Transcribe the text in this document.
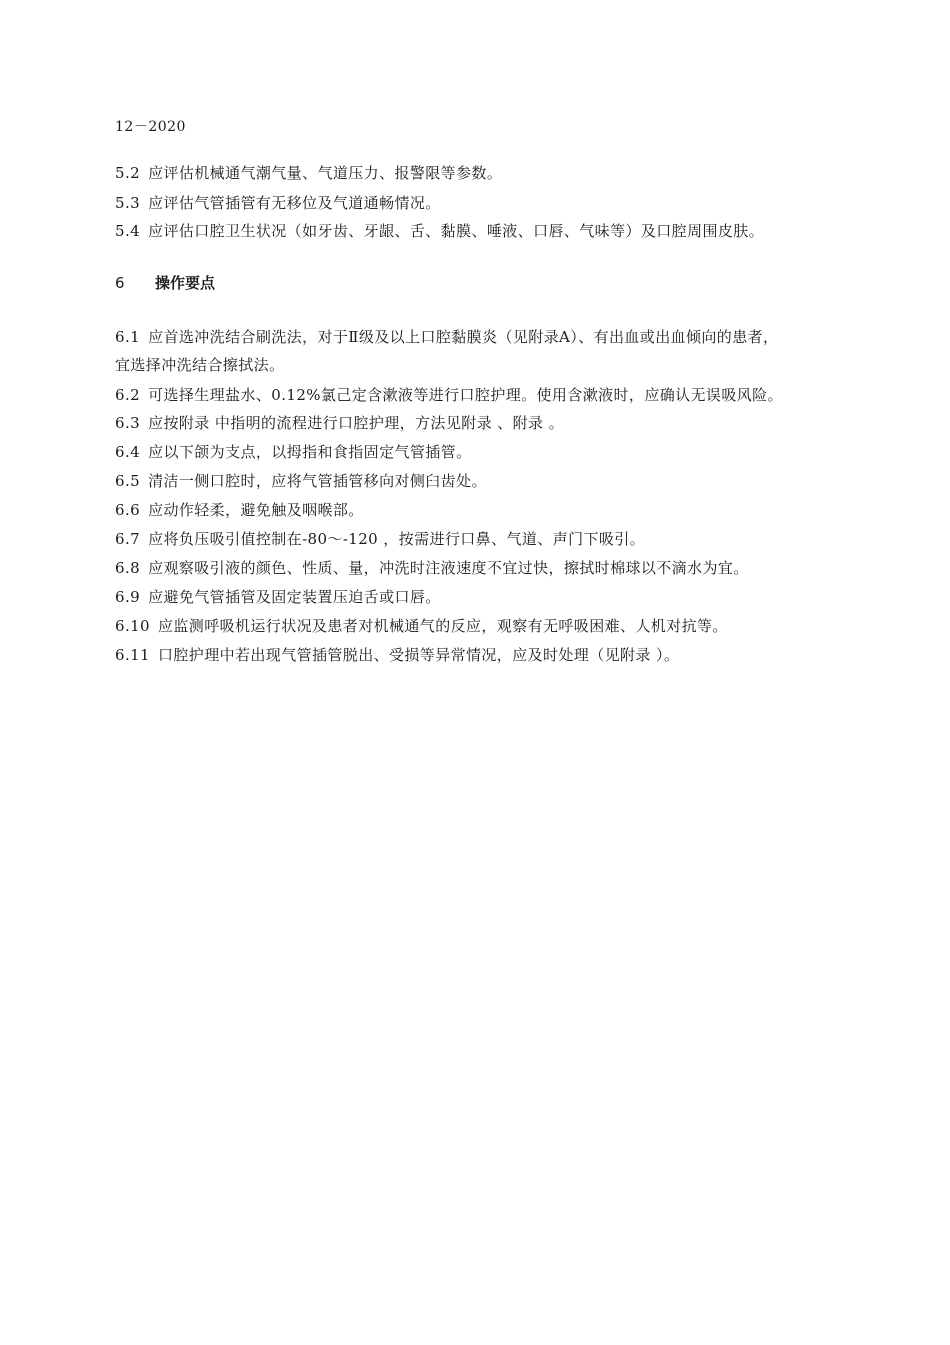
12－2020
5.2 应评估机械通气潮气量、气道压力、报警限等参数。
5.3 应评估气管插管有无移位及气道通畅情况。
5.4 应评估口腔卫生状况（如牙齿、牙龈、舌、黏膜、唾液、口唇、气味等）及口腔周围皮肤。
6 操作要点
6.1 应首选冲洗结合刷洗法，对于Ⅱ级及以上口腔黏膜炎（见附录A）、有出血或出血倾向的患者，
宜选择冲洗结合擦拭法。
6.2 可选择生理盐水、0.12%氯己定含漱液等进行口腔护理。使用含漱液时，应确认无误吸风险。
6.3 应按附录 中指明的流程进行口腔护理，方法见附录 、附录 。
6.4 应以下颌为支点，以拇指和食指固定气管插管。
6.5 清洁一侧口腔时，应将气管插管移向对侧臼齿处。
6.6 应动作轻柔，避免触及咽喉部。
6.7 应将负压吸引值控制在-80～-120 ，按需进行口鼻、气道、声门下吸引。
6.8 应观察吸引液的颜色、性质、量，冲洗时注液速度不宜过快，擦拭时棉球以不滴水为宜。
6.9 应避免气管插管及固定装置压迫舌或口唇。
6.10 应监测呼吸机运行状况及患者对机械通气的反应，观察有无呼吸困难、人机对抗等。
6.11 口腔护理中若出现气管插管脱出、受损等异常情况，应及时处理（见附录 ）。
